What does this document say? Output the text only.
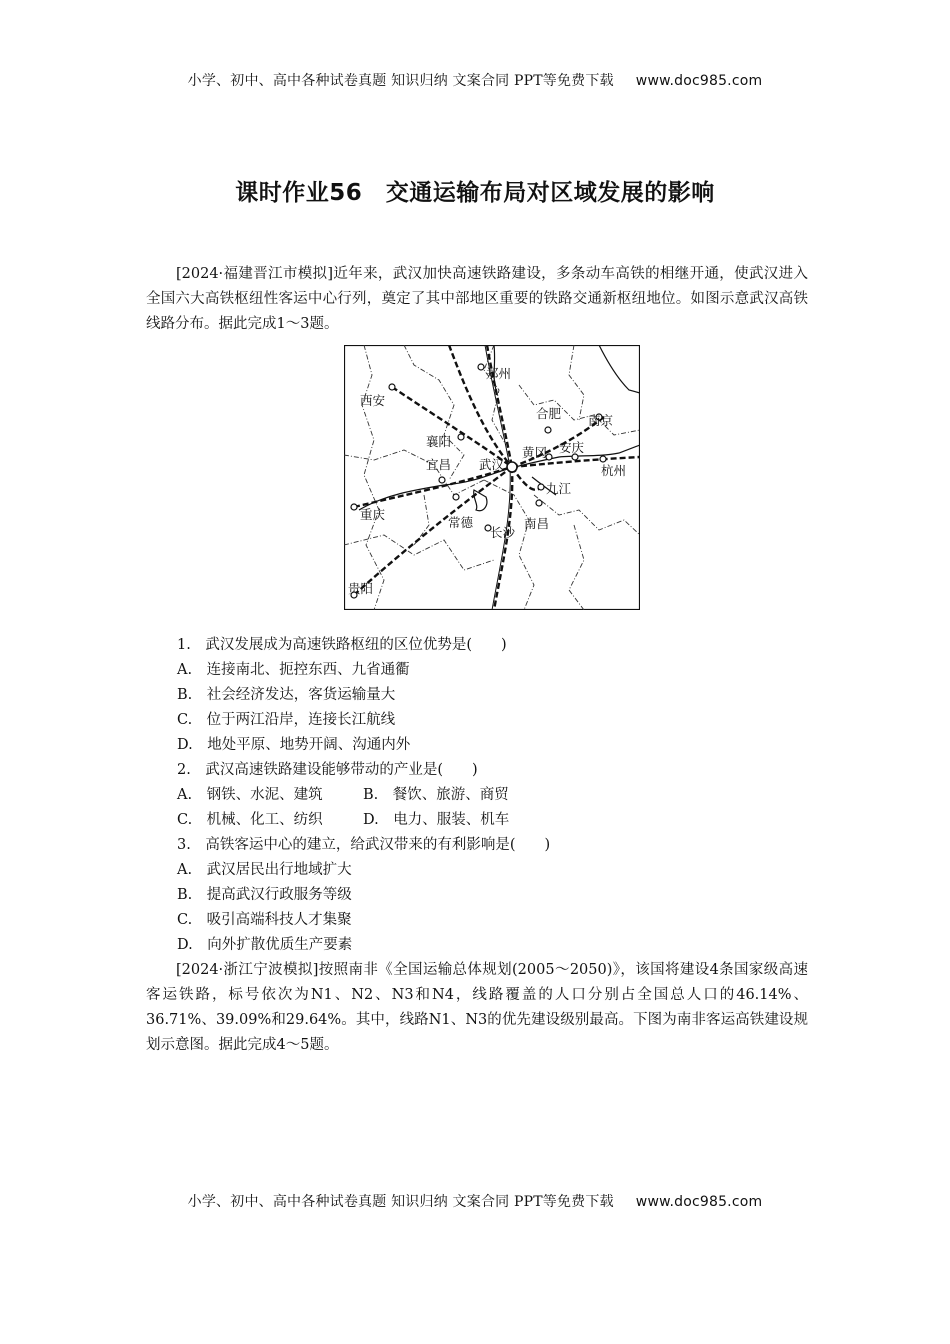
小学、初中、高中各种试卷真题 知识归纳 文案合同 PPT等免费下载 www.doc985.com
课时作业56　交通运输布局对区域发展的影响

[2024·福建晋江市模拟]近年来，武汉加快高速铁路建设，多条动车高铁的相继开通，使武汉进入全国六大高铁枢纽性客运中心行列，奠定了其中部地区重要的铁路交通新枢纽地位。如图示意武汉高铁线路分布。据此完成1～3题。

郑州
西安
合肥 南京
襄阳	安庆
黄冈
宜昌 武汉	杭州
九江
重庆
常德
长沙
南昌
贵阳

1.　武汉发展成为高速铁路枢纽的区位优势是(　　)

A.　连接南北、扼控东西、九省通衢

B.　社会经济发达，客货运输量大

C.　位于两江沿岸，连接长江航线

D.　地处平原、地势开阔、沟通内外

2.　武汉高速铁路建设能够带动的产业是(　　)

A.　钢铁、水泥、建筑	B.　餐饮、旅游、商贸

C.　机械、化工、纺织	D.　电力、服装、机车

3.　高铁客运中心的建立，给武汉带来的有利影响是(　　)

A.　武汉居民出行地域扩大

B.　提高武汉行政服务等级

C.　吸引高端科技人才集聚

D.　向外扩散优质生产要素

[2024·浙江宁波模拟]按照南非《全国运输总体规划(2005～2050)》，该国将建设4条国家级高速客运铁路，标号依次为N1、N2、N3和N4，线路覆盖的人口分别占全国总人口的46.14%、36.71%、39.09%和29.64%。其中，线路N1、N3的优先建设级别最高。下图为南非客运高铁建设规划示意图。据此完成4～5题。

小学、初中、高中各种试卷真题 知识归纳 文案合同 PPT等免费下载 www.doc985.com
